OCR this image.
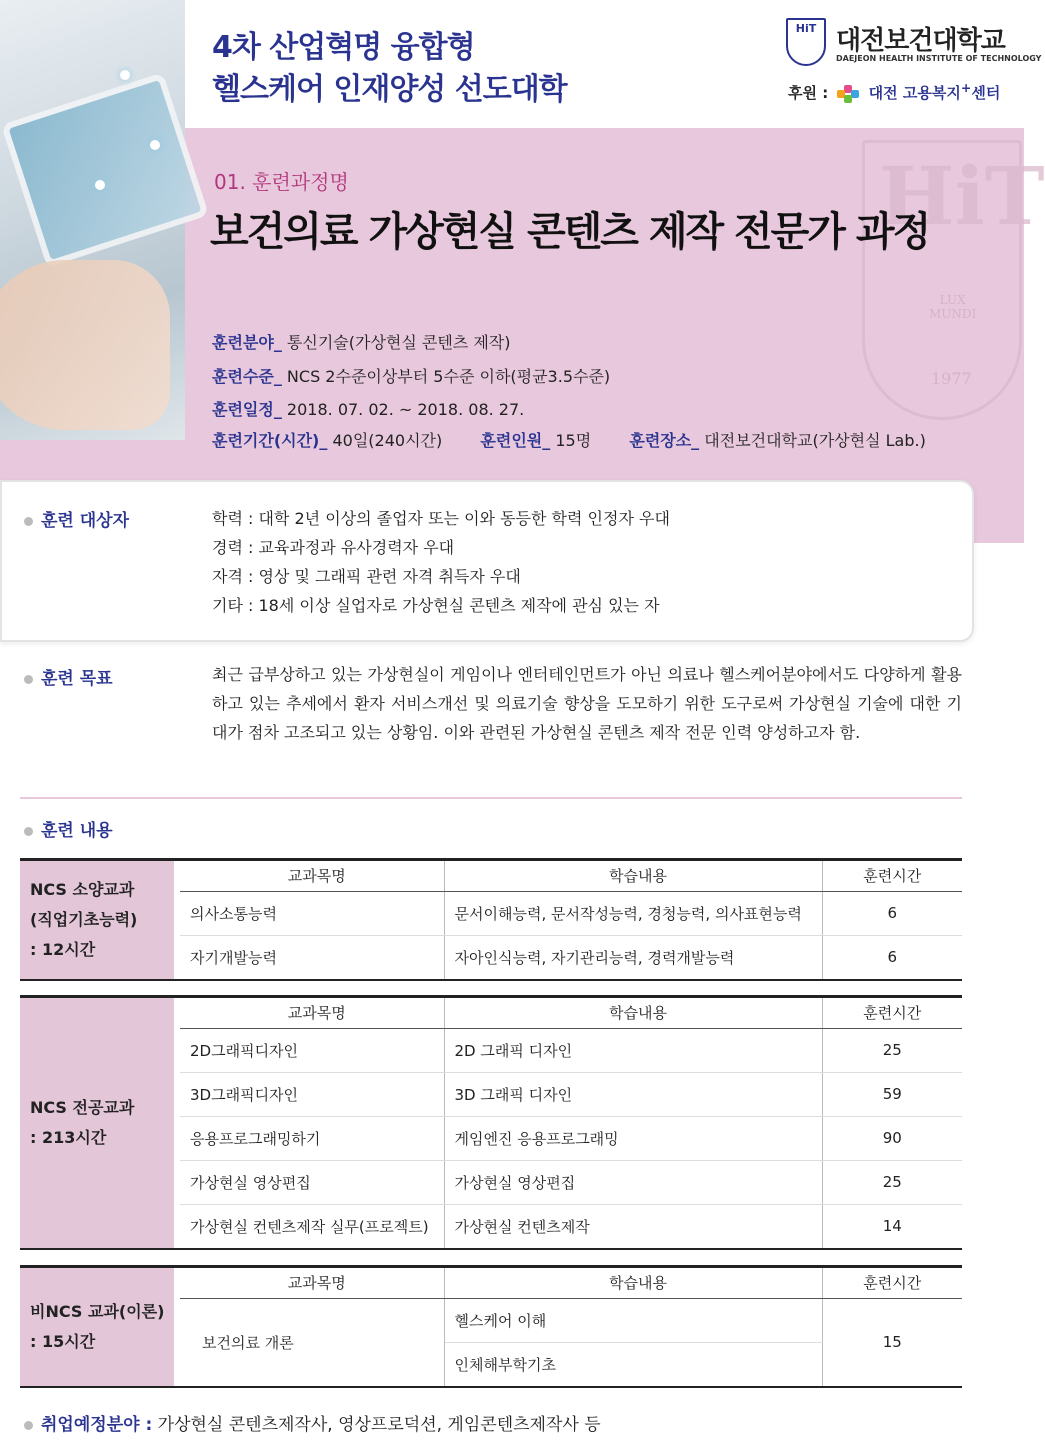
HiT
LUX
MUNDI
1977
4차 산업혁명 융합형
헬스케어 인재양성 선도대학
HiT 대전보건대학교
DAEJEON HEALTH INSTITUTE OF TECHNOLOGY
후원 :	대전 고용복지+센터
01. 훈련과정명
보건의료 가상현실 콘텐츠 제작 전문가 과정
훈련분야_ 통신기술(가상현실 콘텐츠 제작)
훈련수준_ NCS 2수준이상부터 5수준 이하(평균3.5수준)
훈련일정_ 2018. 07. 02. ~ 2018. 08. 27.
훈련기간(시간)_ 40일(240시간) 훈련인원_ 15명 훈련장소_ 대전보건대학교(가상현실 Lab.)
훈련 대상자	학력 : 대학 2년 이상의 졸업자 또는 이와 동등한 학력 인정자 우대
경력 : 교육과정과 유사경력자 우대
자격 : 영상 및 그래픽 관련 자격 취득자 우대
기타 : 18세 이상 실업자로 가상현실 콘텐츠 제작에 관심 있는 자
훈련 목표	최근 급부상하고 있는 가상현실이 게임이나 엔터테인먼트가 아닌 의료나 헬스케어분야에서도 다양하게 활용하고 있는 추세에서 환자 서비스개선 및 의료기술 향상을 도모하기 위한 도구로써 가상현실 기술에 대한 기대가 점차 고조되고 있는 상황임. 이와 관련된 가상현실 콘텐츠 제작 전문 인력 양성하고자 함.
훈련 내용
NCS 소양교과
(직업기초능력)
: 12시간		교과목명	학습내용	훈련시간
		의사소통능력	문서이해능력, 문서작성능력, 경청능력, 의사표현능력	6
		자기개발능력	자아인식능력, 자기관리능력, 경력개발능력	6
NCS 전공교과
: 213시간		교과목명	학습내용	훈련시간
		2D그래픽디자인	2D 그래픽 디자인	25
		3D그래픽디자인	3D 그래픽 디자인	59
		응용프로그래밍하기	게임엔진 응용프로그래밍	90
		가상현실 영상편집	가상현실 영상편집	25
		가상현실 컨텐츠제작 실무(프로젝트)	가상현실 컨텐츠제작	14
비NCS 교과(이론)
: 15시간		교과목명	학습내용	훈련시간
		보건의료 개론	헬스케어 이해	15
			인체해부학기초	
취업예정분야 : 가상현실 콘텐츠제작사, 영상프로덕션, 게임콘텐츠제작사 등
